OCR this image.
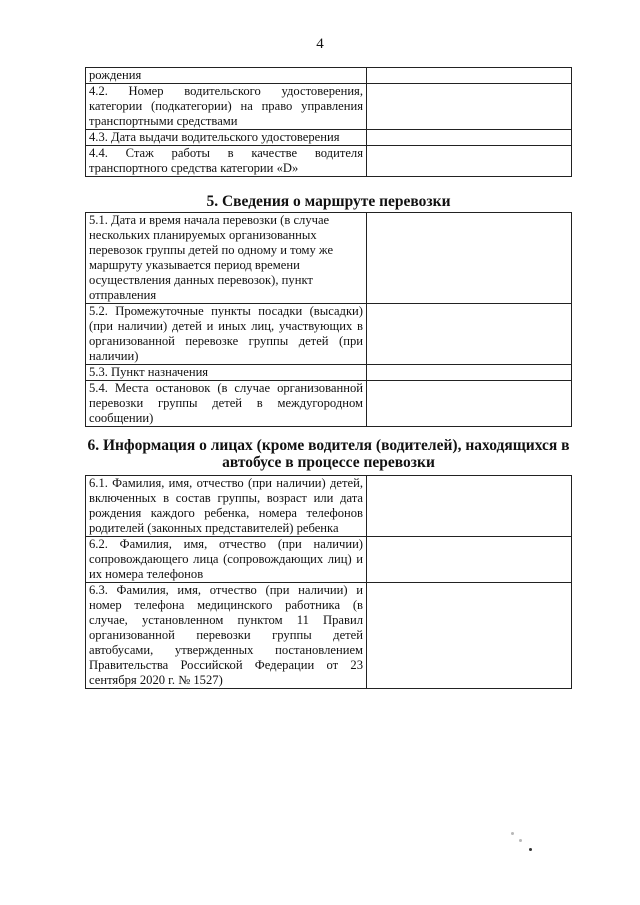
4
рождения	
4.2. Номер водительского удостоверения, категории (подкатегории) на право управления транспортными средствами	
4.3. Дата выдачи водительского удостоверения	
4.4. Стаж работы в качестве водителя транспортного средства категории «D»	
5. Сведения о маршруте перевозки
5.1. Дата и время начала перевозки (в случае нескольких планируемых организованных перевозок группы детей по одному и тому же маршруту указывается период времени осуществления данных перевозок), пункт отправления	
5.2. Промежуточные пункты посадки (высадки) (при наличии) детей и иных лиц, участвующих в организованной перевозке группы детей (при наличии)	
5.3. Пункт назначения	
5.4. Места остановок (в случае организованной перевозки группы детей в междугородном сообщении)	
6. Информация о лицах (кроме водителя (водителей), находящихся в автобусе в процессе перевозки
6.1. Фамилия, имя, отчество (при наличии) детей, включенных в состав группы, возраст или дата рождения каждого ребенка, номера телефонов родителей (законных представителей) ребенка	
6.2. Фамилия, имя, отчество (при наличии) сопровождающего лица (сопровождающих лиц) и их номера телефонов	
6.3. Фамилия, имя, отчество (при наличии) и номер телефона медицинского работника (в случае, установленном пунктом 11 Правил организованной перевозки группы детей автобусами, утвержденных постановлением Правительства Российской Федерации от 23 сентября 2020 г. № 1527)	
